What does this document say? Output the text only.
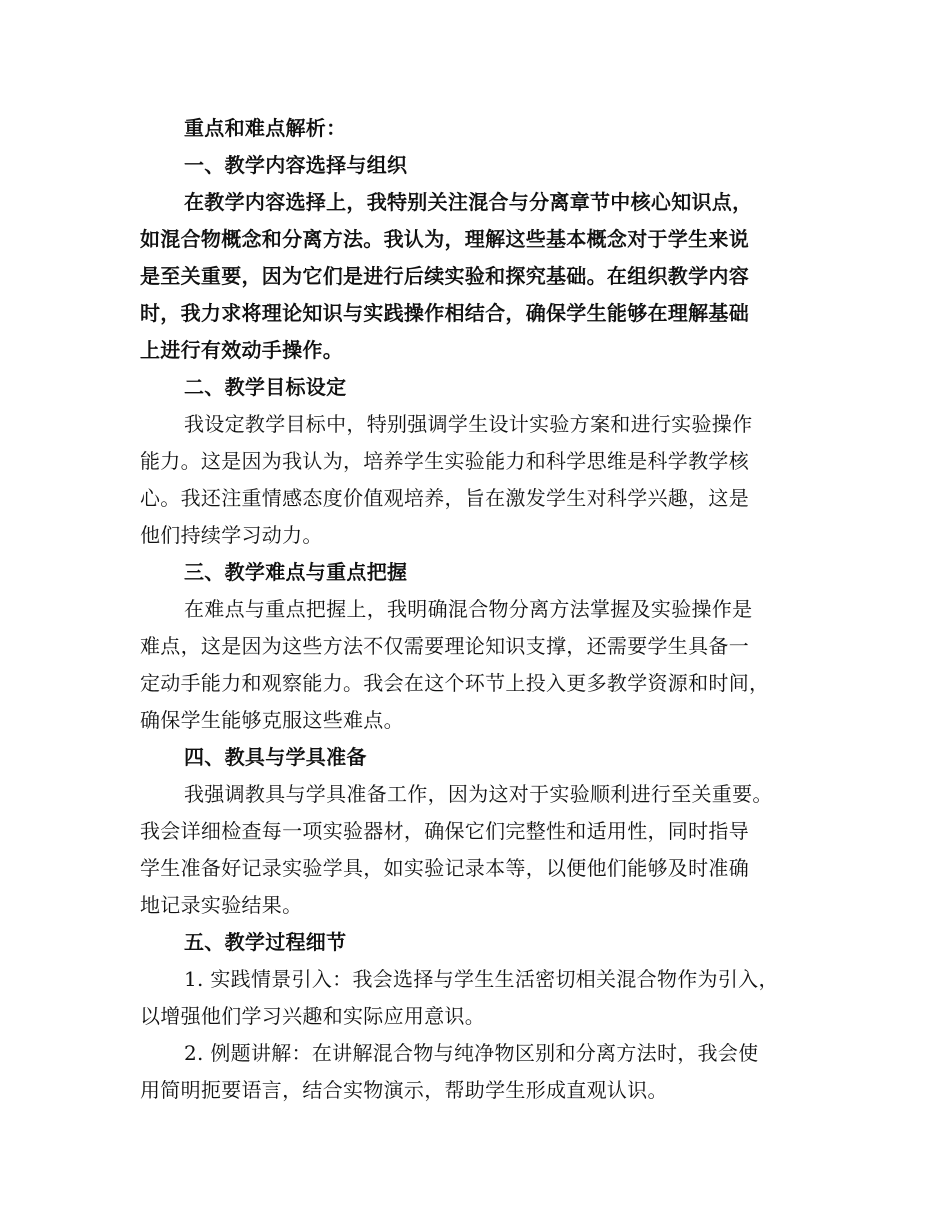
重点和难点解析：

一、教学内容选择与组织

在教学内容选择上，我特别关注混合与分离章节中核心知识点，

如混合物概念和分离方法。我认为，理解这些基本概念对于学生来说

是至关重要，因为它们是进行后续实验和探究基础。在组织教学内容

时，我力求将理论知识与实践操作相结合，确保学生能够在理解基础

上进行有效动手操作。

二、教学目标设定

我设定教学目标中，特别强调学生设计实验方案和进行实验操作

能力。这是因为我认为，培养学生实验能力和科学思维是科学教学核

心。我还注重情感态度价值观培养，旨在激发学生对科学兴趣，这是

他们持续学习动力。

三、教学难点与重点把握

在难点与重点把握上，我明确混合物分离方法掌握及实验操作是

难点，这是因为这些方法不仅需要理论知识支撑，还需要学生具备一

定动手能力和观察能力。我会在这个环节上投入更多教学资源和时间，

确保学生能够克服这些难点。

四、教具与学具准备

我强调教具与学具准备工作，因为这对于实验顺利进行至关重要。

我会详细检查每一项实验器材，确保它们完整性和适用性，同时指导

学生准备好记录实验学具，如实验记录本等，以便他们能够及时准确

地记录实验结果。

五、教学过程细节

1. 实践情景引入：我会选择与学生生活密切相关混合物作为引入，

以增强他们学习兴趣和实际应用意识。

2. 例题讲解：在讲解混合物与纯净物区别和分离方法时，我会使

用简明扼要语言，结合实物演示，帮助学生形成直观认识。
